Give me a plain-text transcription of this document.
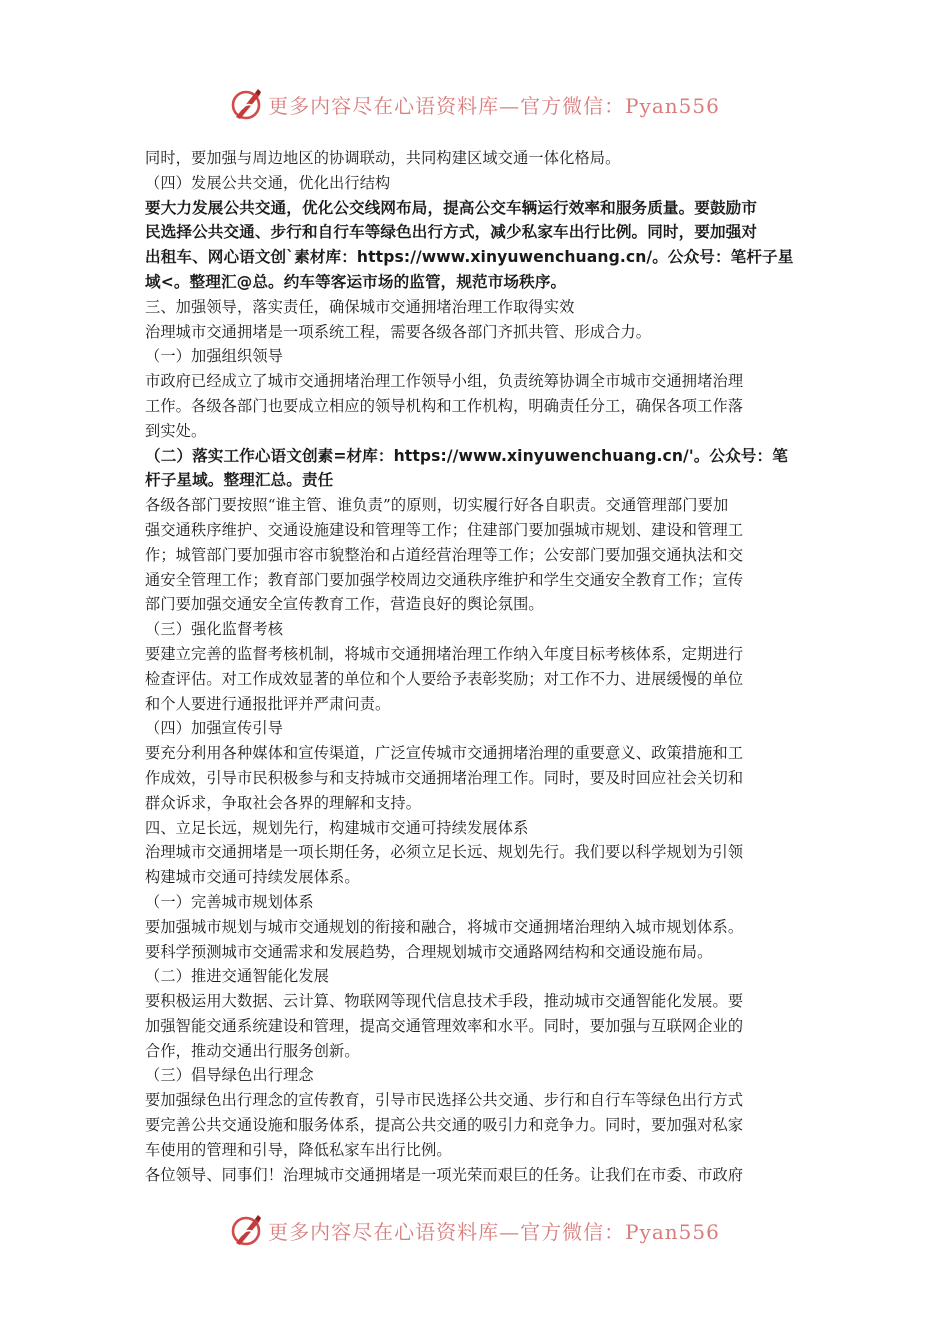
更多内容尽在心语资料库—官方微信：Pyan556
同时，要加强与周边地区的协调联动，共同构建区域交通一体化格局。
（四）发展公共交通，优化出行结构
要大力发展公共交通，优化公交线网布局，提高公交车辆运行效率和服务质量。要鼓励市
民选择公共交通、步行和自行车等绿色出行方式，减少私家车出行比例。同时，要加强对
出租车、网心语文创`素材库：https://www.xinyuwenchuang.cn/。公众号：笔杆子星
域<。整理汇@总。约车等客运市场的监管，规范市场秩序。
三、加强领导，落实责任，确保城市交通拥堵治理工作取得实效
治理城市交通拥堵是一项系统工程，需要各级各部门齐抓共管、形成合力。
（一）加强组织领导
市政府已经成立了城市交通拥堵治理工作领导小组，负责统筹协调全市城市交通拥堵治理
工作。各级各部门也要成立相应的领导机构和工作机构，明确责任分工，确保各项工作落
到实处。
（二）落实工作心语文创素=材库：https://www.xinyuwenchuang.cn/'。公众号：笔
杆子星域。整理汇总。责任
各级各部门要按照“谁主管、谁负责”的原则，切实履行好各自职责。交通管理部门要加
强交通秩序维护、交通设施建设和管理等工作；住建部门要加强城市规划、建设和管理工
作；城管部门要加强市容市貌整治和占道经营治理等工作；公安部门要加强交通执法和交
通安全管理工作；教育部门要加强学校周边交通秩序维护和学生交通安全教育工作；宣传
部门要加强交通安全宣传教育工作，营造良好的舆论氛围。
（三）强化监督考核
要建立完善的监督考核机制，将城市交通拥堵治理工作纳入年度目标考核体系，定期进行
检查评估。对工作成效显著的单位和个人要给予表彰奖励；对工作不力、进展缓慢的单位
和个人要进行通报批评并严肃问责。
（四）加强宣传引导
要充分利用各种媒体和宣传渠道，广泛宣传城市交通拥堵治理的重要意义、政策措施和工
作成效，引导市民积极参与和支持城市交通拥堵治理工作。同时，要及时回应社会关切和
群众诉求，争取社会各界的理解和支持。
四、立足长远，规划先行，构建城市交通可持续发展体系
治理城市交通拥堵是一项长期任务，必须立足长远、规划先行。我们要以科学规划为引领
构建城市交通可持续发展体系。
（一）完善城市规划体系
要加强城市规划与城市交通规划的衔接和融合，将城市交通拥堵治理纳入城市规划体系。
要科学预测城市交通需求和发展趋势，合理规划城市交通路网结构和交通设施布局。
（二）推进交通智能化发展
要积极运用大数据、云计算、物联网等现代信息技术手段，推动城市交通智能化发展。要
加强智能交通系统建设和管理，提高交通管理效率和水平。同时，要加强与互联网企业的
合作，推动交通出行服务创新。
（三）倡导绿色出行理念
要加强绿色出行理念的宣传教育，引导市民选择公共交通、步行和自行车等绿色出行方式
要完善公共交通设施和服务体系，提高公共交通的吸引力和竞争力。同时，要加强对私家
车使用的管理和引导，降低私家车出行比例。
各位领导、同事们！治理城市交通拥堵是一项光荣而艰巨的任务。让我们在市委、市政府
更多内容尽在心语资料库—官方微信：Pyan556
